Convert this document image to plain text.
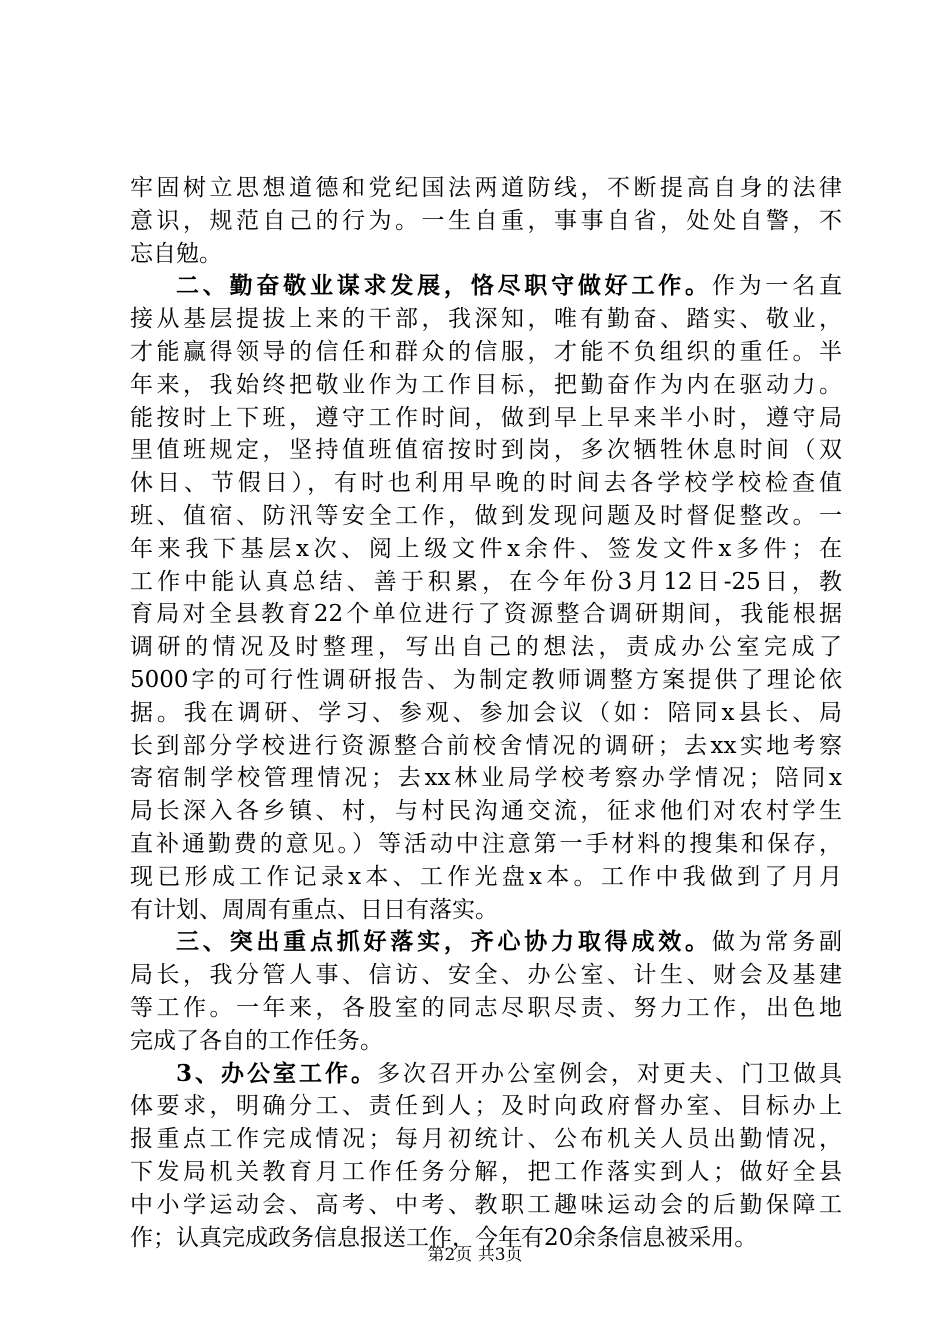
牢固树立思想道德和党纪国法两道防线，不断提高自身的法律
意识，规范自己的行为。一生自重，事事自省，处处自警，不
忘自勉。
二、勤奋敬业谋求发展，恪尽职守做好工作。作为一名直
接从基层提拔上来的干部，我深知，唯有勤奋、踏实、敬业，
才能赢得领导的信任和群众的信服，才能不负组织的重任。半
年来，我始终把敬业作为工作目标，把勤奋作为内在驱动力。
能按时上下班，遵守工作时间，做到早上早来半小时，遵守局
里值班规定，坚持值班值宿按时到岗，多次牺牲休息时间（双
休日、节假日），有时也利用早晚的时间去各学校学校检查值
班、值宿、防汛等安全工作，做到发现问题及时督促整改。一
年来我下基层x次、阅上级文件x余件、签发文件x多件；在
工作中能认真总结、善于积累，在今年份3月12日-25日，教
育局对全县教育22个单位进行了资源整合调研期间，我能根据
调研的情况及时整理，写出自己的想法，责成办公室完成了
5000字的可行性调研报告、为制定教师调整方案提供了理论依
据。我在调研、学习、参观、参加会议（如：陪同x县长、局
长到部分学校进行资源整合前校舍情况的调研；去xx实地考察
寄宿制学校管理情况；去xx林业局学校考察办学情况；陪同x
局长深入各乡镇、村，与村民沟通交流，征求他们对农村学生
直补通勤费的意见。）等活动中注意第一手材料的搜集和保存，
现已形成工作记录x本、工作光盘x本。工作中我做到了月月
有计划、周周有重点、日日有落实。
三、突出重点抓好落实，齐心协力取得成效。做为常务副
局长，我分管人事、信访、安全、办公室、计生、财会及基建
等工作。一年来，各股室的同志尽职尽责、努力工作，出色地
完成了各自的工作任务。
3、办公室工作。多次召开办公室例会，对更夫、门卫做具
体要求，明确分工、责任到人；及时向政府督办室、目标办上
报重点工作完成情况；每月初统计、公布机关人员出勤情况，
下发局机关教育月工作任务分解，把工作落实到人；做好全县
中小学运动会、高考、中考、教职工趣味运动会的后勤保障工
作；认真完成政务信息报送工作，今年有20余条信息被采用。
第2页 共3页
